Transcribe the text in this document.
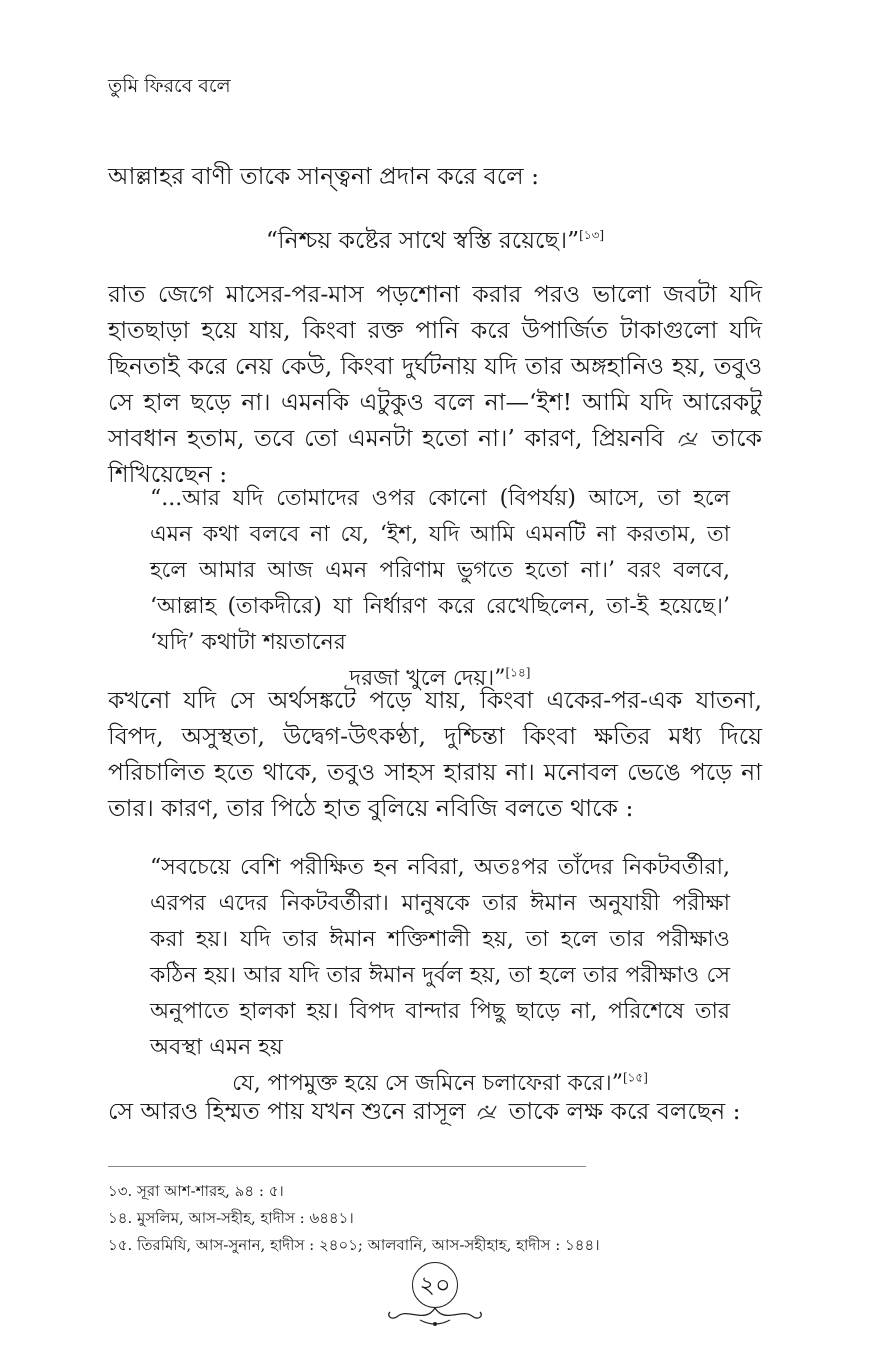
তুমি ফিরবে বলে

আল্লাহর বাণী তাকে সান্ত্বনা প্রদান করে বলে :

“নিশ্চয় কষ্টের সাথে স্বস্তি রয়েছে।”[১৩]

রাত জেগে মাসের-পর-মাস পড়শোনা করার পরও ভালো জবটা যদি হাতছাড়া হয়ে যায়, কিংবা রক্ত পানি করে উপার্জিত টাকাগুলো যদি ছিনতাই করে নেয় কেউ, কিংবা দুর্ঘটনায় যদি তার অঙ্গহানিও হয়, তবুও সে হাল ছড়ে না। এমনকি এটুকুও বলে না—‘ইশ! আমি যদি আরেকটু সাবধান হতাম, তবে তো এমনটা হতো না।’ কারণ, প্রিয়নবি তাকে শিখিয়েছেন :

“...আর যদি তোমাদের ওপর কোনো (বিপর্যয়) আসে, তা হলে এমন কথা বলবে না যে, ‘ইশ, যদি আমি এমনটি না করতাম, তা হলে আমার আজ এমন পরিণাম ভুগতে হতো না।’ বরং বলবে, ‘আল্লাহ (তাকদীরে) যা নির্ধারণ করে রেখেছিলেন, তা-ই হয়েছে।’ ‘যদি’ কথাটা শয়তানের
দরজা খুলে দেয়।”[১৪]

কখনো যদি সে অর্থসঙ্কটে পড়ে যায়, কিংবা একের-পর-এক যাতনা, বিপদ, অসুস্থতা, উদ্বেগ-উৎকণ্ঠা, দুশ্চিন্তা কিংবা ক্ষতির মধ্য দিয়ে পরিচালিত হতে থাকে, তবুও সাহস হারায় না। মনোবল ভেঙে পড়ে না তার। কারণ, তার পিঠে হাত বুলিয়ে নবিজি বলতে থাকে :

“সবচেয়ে বেশি পরীক্ষিত হন নবিরা, অতঃপর তাঁদের নিকটবর্তীরা, এরপর এদের নিকটবর্তীরা। মানুষকে তার ঈমান অনুযায়ী পরীক্ষা করা হয়। যদি তার ঈমান শক্তিশালী হয়, তা হলে তার পরীক্ষাও কঠিন হয়। আর যদি তার ঈমান দুর্বল হয়, তা হলে তার পরীক্ষাও সে অনুপাতে হালকা হয়। বিপদ বান্দার পিছু ছাড়ে না, পরিশেষে তার অবস্থা এমন হয়
যে, পাপমুক্ত হয়ে সে জমিনে চলাফেরা করে।”[১৫]

সে আরও হিম্মত পায় যখন শুনে রাসূল তাকে লক্ষ করে বলছেন :

১৩. সূরা আশ-শারহ, ৯৪ : ৫।
১৪. মুসলিম, আস-সহীহ, হাদীস : ৬৪৪১।
১৫. তিরমিযি, আস-সুনান, হাদীস : ২৪০১; আলবানি, আস-সহীহাহ, হাদীস : ১৪৪।
২০
